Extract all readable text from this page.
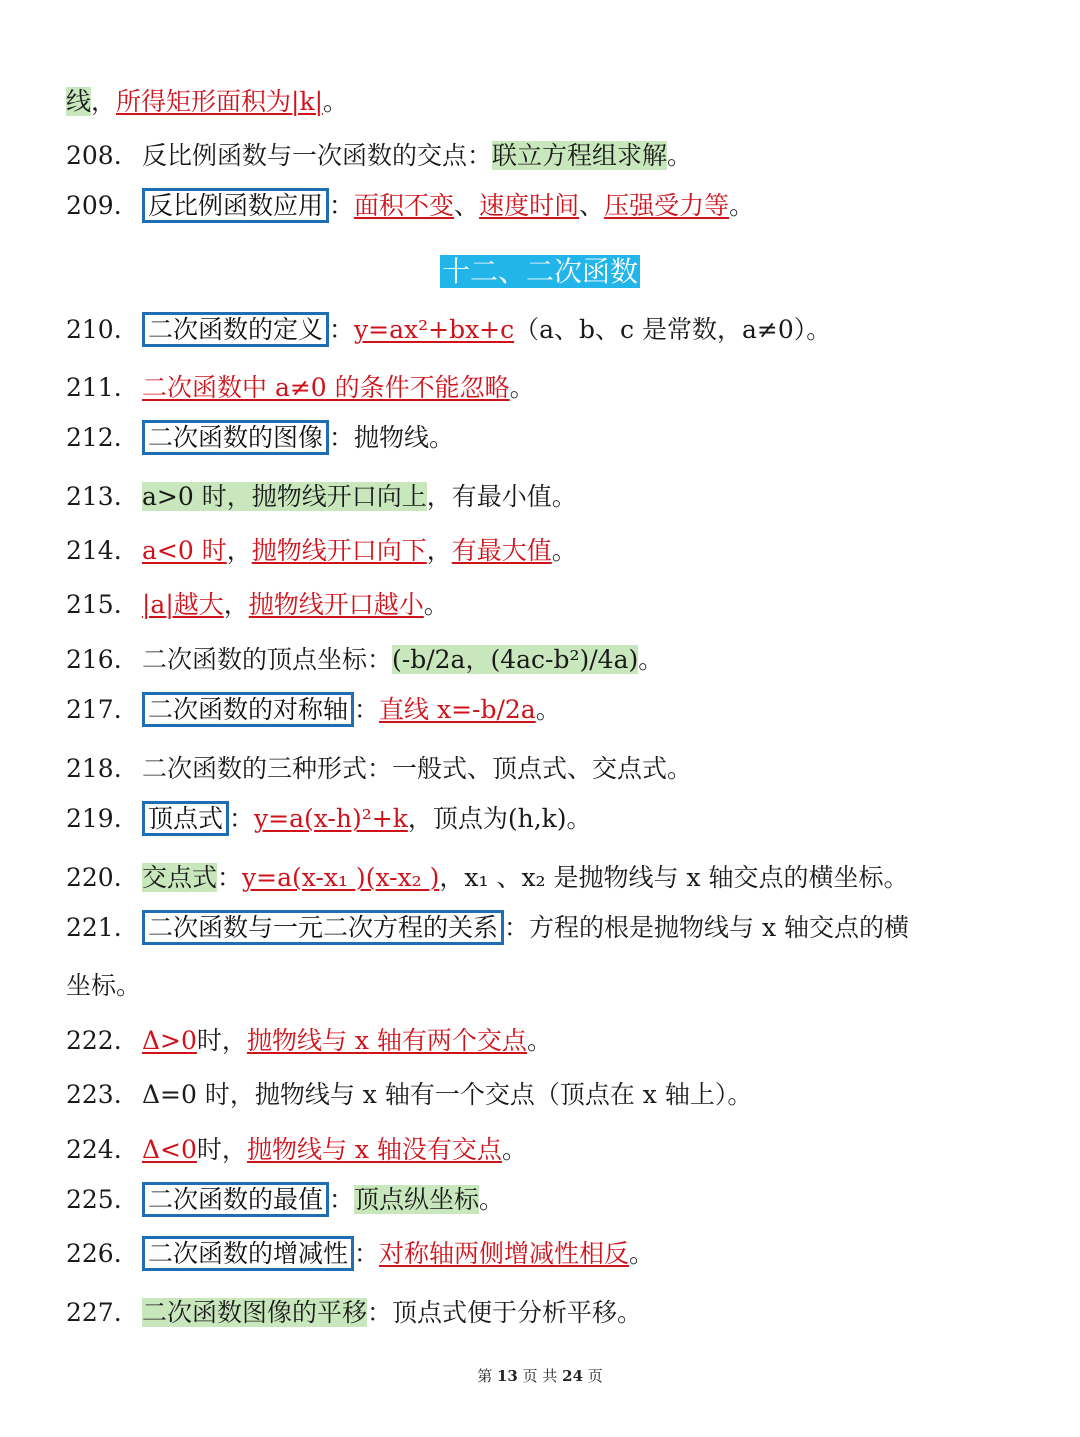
线，所得矩形面积为|k|。
208. 反比例函数与一次函数的交点：联立方程组求解。
209. 反比例函数应用 ：面积不变、速度时间、压强受力等。
十二、二次函数
210. 二次函数的定义 ：y=ax²+bx+c（a、b、c 是常数，a≠0）。
211. 二次函数中 a≠0 的条件不能忽略。
212. 二次函数的图像 ：抛物线。
213. a>0 时，抛物线开口向上，有最小值。
214. a<0 时，抛物线开口向下，有最大值。
215. |a|越大，抛物线开口越小。
216. 二次函数的顶点坐标：(-b/2a，(4ac-b²)/4a)。
217. 二次函数的对称轴 ：直线 x=-b/2a。
218. 二次函数的三种形式：一般式、顶点式、交点式。
219. 顶点式 ：y=a(x-h)²+k，顶点为(h,k)。
220. 交点式：y=a(x-x₁ )(x-x₂ )，x₁ 、x₂ 是抛物线与 x 轴交点的横坐标。
221. 二次函数与一元二次方程的关系 ：方程的根是抛物线与 x 轴交点的横
坐标。
222. Δ>0时，抛物线与 x 轴有两个交点。
223. Δ=0 时，抛物线与 x 轴有一个交点（顶点在 x 轴上）。
224. Δ<0时，抛物线与 x 轴没有交点。
225. 二次函数的最值 ：顶点纵坐标。
226. 二次函数的增减性 ：对称轴两侧增减性相反。
227. 二次函数图像的平移：顶点式便于分析平移。
第 13 页 共 24 页
